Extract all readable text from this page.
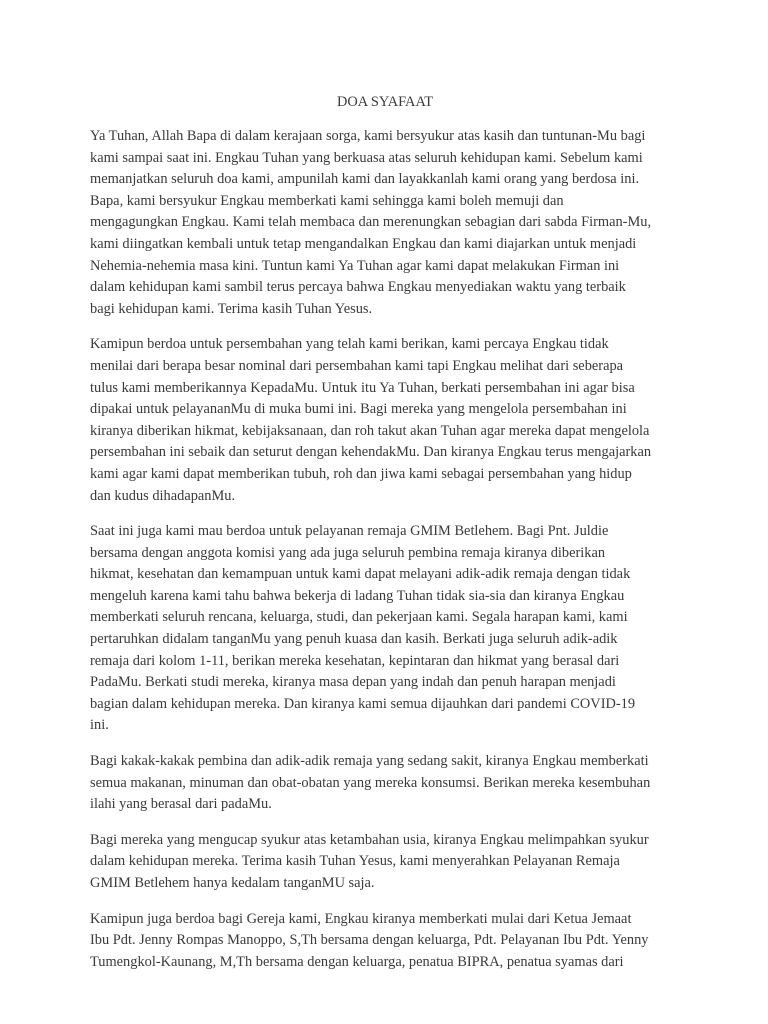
DOA SYAFAAT

Ya Tuhan, Allah Bapa di dalam kerajaan sorga, kami bersyukur atas kasih dan tuntunan-Mu bagi
kami sampai saat ini. Engkau Tuhan yang berkuasa atas seluruh kehidupan kami. Sebelum kami
memanjatkan seluruh doa kami, ampunilah kami dan layakkanlah kami orang yang berdosa ini.
Bapa, kami bersyukur Engkau memberkati kami sehingga kami boleh memuji dan
mengagungkan Engkau. Kami telah membaca dan merenungkan sebagian dari sabda Firman-Mu,
kami diingatkan kembali untuk tetap mengandalkan Engkau dan kami diajarkan untuk menjadi
Nehemia-nehemia masa kini. Tuntun kami Ya Tuhan agar kami dapat melakukan Firman ini
dalam kehidupan kami sambil terus percaya bahwa Engkau menyediakan waktu yang terbaik
bagi kehidupan kami. Terima kasih Tuhan Yesus.

Kamipun berdoa untuk persembahan yang telah kami berikan, kami percaya Engkau tidak
menilai dari berapa besar nominal dari persembahan kami tapi Engkau melihat dari seberapa
tulus kami memberikannya KepadaMu. Untuk itu Ya Tuhan, berkati persembahan ini agar bisa
dipakai untuk pelayananMu di muka bumi ini. Bagi mereka yang mengelola persembahan ini
kiranya diberikan hikmat, kebijaksanaan, dan roh takut akan Tuhan agar mereka dapat mengelola
persembahan ini sebaik dan seturut dengan kehendakMu. Dan kiranya Engkau terus mengajarkan
kami agar kami dapat memberikan tubuh, roh dan jiwa kami sebagai persembahan yang hidup
dan kudus dihadapanMu.

Saat ini juga kami mau berdoa untuk pelayanan remaja GMIM Betlehem. Bagi Pnt. Juldie
bersama dengan anggota komisi yang ada juga seluruh pembina remaja kiranya diberikan
hikmat, kesehatan dan kemampuan untuk kami dapat melayani adik-adik remaja dengan tidak
mengeluh karena kami tahu bahwa bekerja di ladang Tuhan tidak sia-sia dan kiranya Engkau
memberkati seluruh rencana, keluarga, studi, dan pekerjaan kami. Segala harapan kami, kami
pertaruhkan didalam tanganMu yang penuh kuasa dan kasih. Berkati juga seluruh adik-adik
remaja dari kolom 1-11, berikan mereka kesehatan, kepintaran dan hikmat yang berasal dari
PadaMu. Berkati studi mereka, kiranya masa depan yang indah dan penuh harapan menjadi
bagian dalam kehidupan mereka. Dan kiranya kami semua dijauhkan dari pandemi COVID-19
ini.

Bagi kakak-kakak pembina dan adik-adik remaja yang sedang sakit, kiranya Engkau memberkati
semua makanan, minuman dan obat-obatan yang mereka konsumsi. Berikan mereka kesembuhan
ilahi yang berasal dari padaMu.

Bagi mereka yang mengucap syukur atas ketambahan usia, kiranya Engkau melimpahkan syukur
dalam kehidupan mereka. Terima kasih Tuhan Yesus, kami menyerahkan Pelayanan Remaja
GMIM Betlehem hanya kedalam tanganMU saja.

Kamipun juga berdoa bagi Gereja kami, Engkau kiranya memberkati mulai dari Ketua Jemaat
Ibu Pdt. Jenny Rompas Manoppo, S,Th bersama dengan keluarga, Pdt. Pelayanan Ibu Pdt. Yenny
Tumengkol-Kaunang, M,Th bersama dengan keluarga, penatua BIPRA, penatua syamas dari
